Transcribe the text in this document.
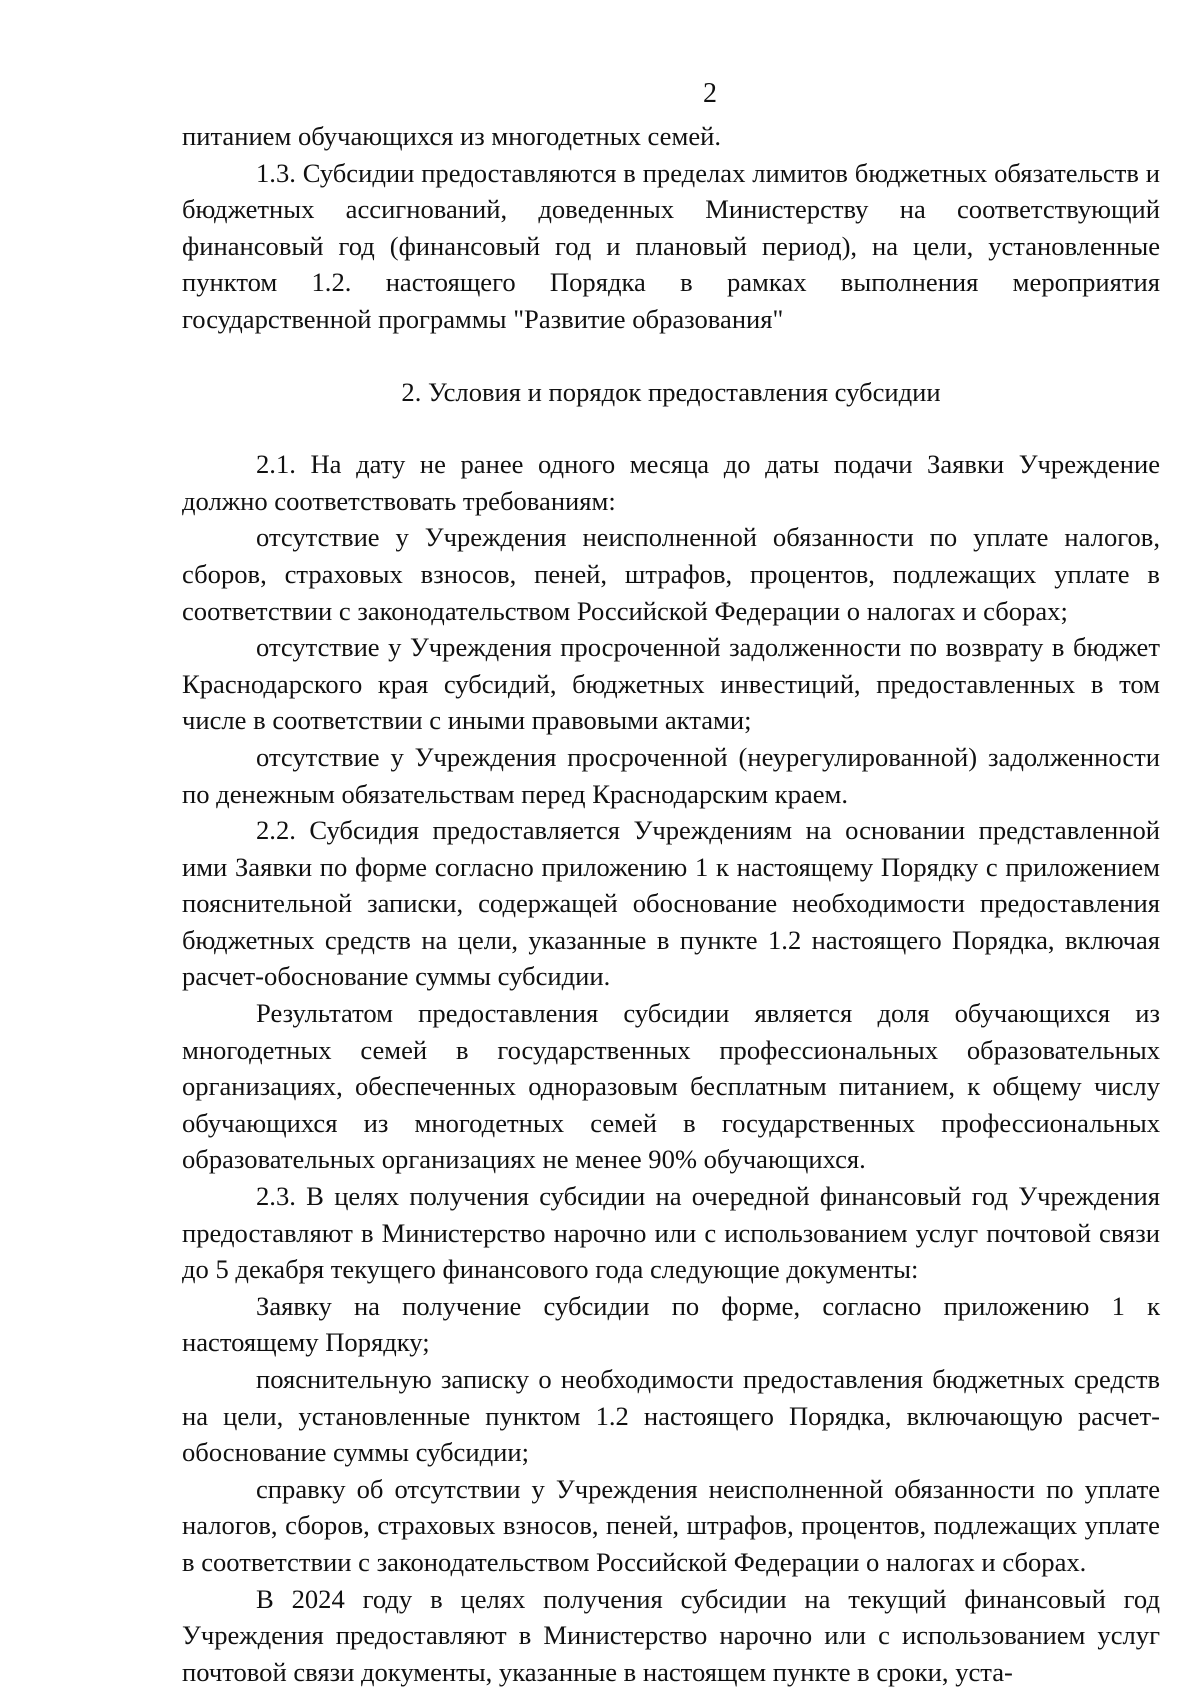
2

питанием обучающихся из многодетных семей.

1.3. Субсидии предоставляются в пределах лимитов бюджетных обязательств и бюджетных ассигнований, доведенных Министерству на соответствующий финансовый год (финансовый год и плановый период), на цели, установленные пунктом 1.2. настоящего Порядка в рамках выполнения мероприятия государственной программы "Развитие образования"

2. Условия и порядок предоставления субсидии

2.1. На дату не ранее одного месяца до даты подачи Заявки Учреждение должно соответствовать требованиям:

отсутствие у Учреждения неисполненной обязанности по уплате налогов, сборов, страховых взносов, пеней, штрафов, процентов, подлежащих уплате в соответствии с законодательством Российской Федерации о налогах и сборах;

отсутствие у Учреждения просроченной задолженности по возврату в бюджет Краснодарского края субсидий, бюджетных инвестиций, предоставленных в том числе в соответствии с иными правовыми актами;

отсутствие у Учреждения просроченной (неурегулированной) задолженности по денежным обязательствам перед Краснодарским краем.

2.2. Субсидия предоставляется Учреждениям на основании представленной ими Заявки по форме согласно приложению 1 к настоящему Порядку с приложением пояснительной записки, содержащей обоснование необходимости предоставления бюджетных средств на цели, указанные в пункте 1.2 настоящего Порядка, включая расчет-обоснование суммы субсидии.

Результатом предоставления субсидии является доля обучающихся из многодетных семей в государственных профессиональных образовательных организациях, обеспеченных одноразовым бесплатным питанием, к общему числу обучающихся из многодетных семей в государственных профессиональных образовательных организациях не менее 90% обучающихся.

2.3. В целях получения субсидии на очередной финансовый год Учреждения предоставляют в Министерство нарочно или с использованием услуг почтовой связи до 5 декабря текущего финансового года следующие документы:

Заявку на получение субсидии по форме, согласно приложению 1 к настоящему Порядку;

пояснительную записку о необходимости предоставления бюджетных средств на цели, установленные пунктом 1.2 настоящего Порядка, включающую расчет-обоснование суммы субсидии;

справку об отсутствии у Учреждения неисполненной обязанности по уплате налогов, сборов, страховых взносов, пеней, штрафов, процентов, подлежащих уплате в соответствии с законодательством Российской Федерации о налогах и сборах.

В 2024 году в целях получения субсидии на текущий финансовый год Учреждения предоставляют в Министерство нарочно или с использованием услуг почтовой связи документы, указанные в настоящем пункте в сроки, уста-
